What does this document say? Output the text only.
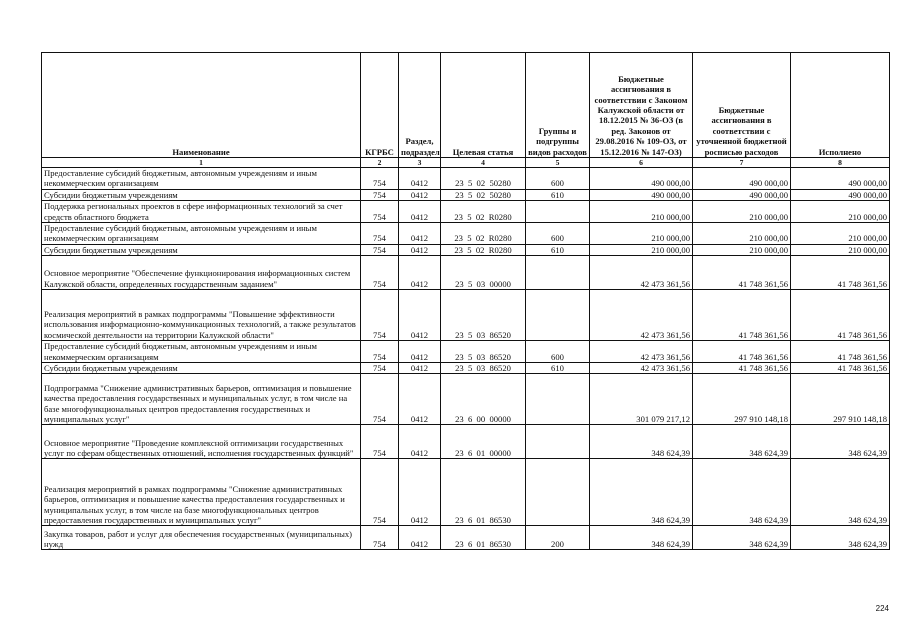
Наименование	КГРБС	Раздел, подраздел	Целевая статья	Группы и подгруппы видов расходов	Бюджетные ассигнования в соответствии с Законом Калужской области от 18.12.2015 № 36-ОЗ (в ред. Законов от 29.08.2016 № 109-ОЗ, от 15.12.2016 № 147-ОЗ)	Бюджетные ассигнования в соответствии с уточненной бюджетной росписью расходов	Исполнено
1	2	3	4	5	6	7	8
Предоставление субсидий бюджетным, автономным учреждениям и иным некоммерческим организациям	754	0412	23  5  02  50280	600	490 000,00	490 000,00	490 000,00
Субсидии бюджетным учреждениям	754	0412	23  5  02  50280	610	490 000,00	490 000,00	490 000,00
Поддержка региональных проектов в сфере информационных технологий за счет средств областного бюджета	754	0412	23  5  02  R0280		210 000,00	210 000,00	210 000,00
Предоставление субсидий бюджетным, автономным учреждениям и иным некоммерческим организациям	754	0412	23  5  02  R0280	600	210 000,00	210 000,00	210 000,00
Субсидии бюджетным учреждениям	754	0412	23  5  02  R0280	610	210 000,00	210 000,00	210 000,00
Основное мероприятие "Обеспечение функционирования информационных систем Калужской области, определенных государственным заданием"	754	0412	23  5  03  00000		42 473 361,56	41 748 361,56	41 748 361,56
Реализация мероприятий в рамках подпрограммы "Повышение эффективности использования информационно-коммуникационных технологий, а также результатов космической деятельности на территории Калужской области"	754	0412	23  5  03  86520		42 473 361,56	41 748 361,56	41 748 361,56
Предоставление субсидий бюджетным, автономным учреждениям и иным некоммерческим организациям	754	0412	23  5  03  86520	600	42 473 361,56	41 748 361,56	41 748 361,56
Субсидии бюджетным учреждениям	754	0412	23  5  03  86520	610	42 473 361,56	41 748 361,56	41 748 361,56
Подпрограмма "Снижение административных барьеров, оптимизация и повышение качества предоставления государственных и муниципальных услуг, в том числе на базе многофункциональных центров предоставления государственных и муниципальных услуг"	754	0412	23  6  00  00000		301 079 217,12	297 910 148,18	297 910 148,18
Основное мероприятие "Проведение комплексной оптимизации государственных услуг по сферам общественных отношений, исполнения государственных функций"	754	0412	23  6  01  00000		348 624,39	348 624,39	348 624,39
Реализация мероприятий в рамках подпрограммы "Снижение административных барьеров, оптимизация и повышение качества предоставления государственных и муниципальных услуг, в том числе на базе многофункциональных центров предоставления государственных и муниципальных услуг"	754	0412	23  6  01  86530		348 624,39	348 624,39	348 624,39
Закупка товаров, работ и услуг для обеспечения государственных (муниципальных) нужд	754	0412	23  6  01  86530	200	348 624,39	348 624,39	348 624,39
224
